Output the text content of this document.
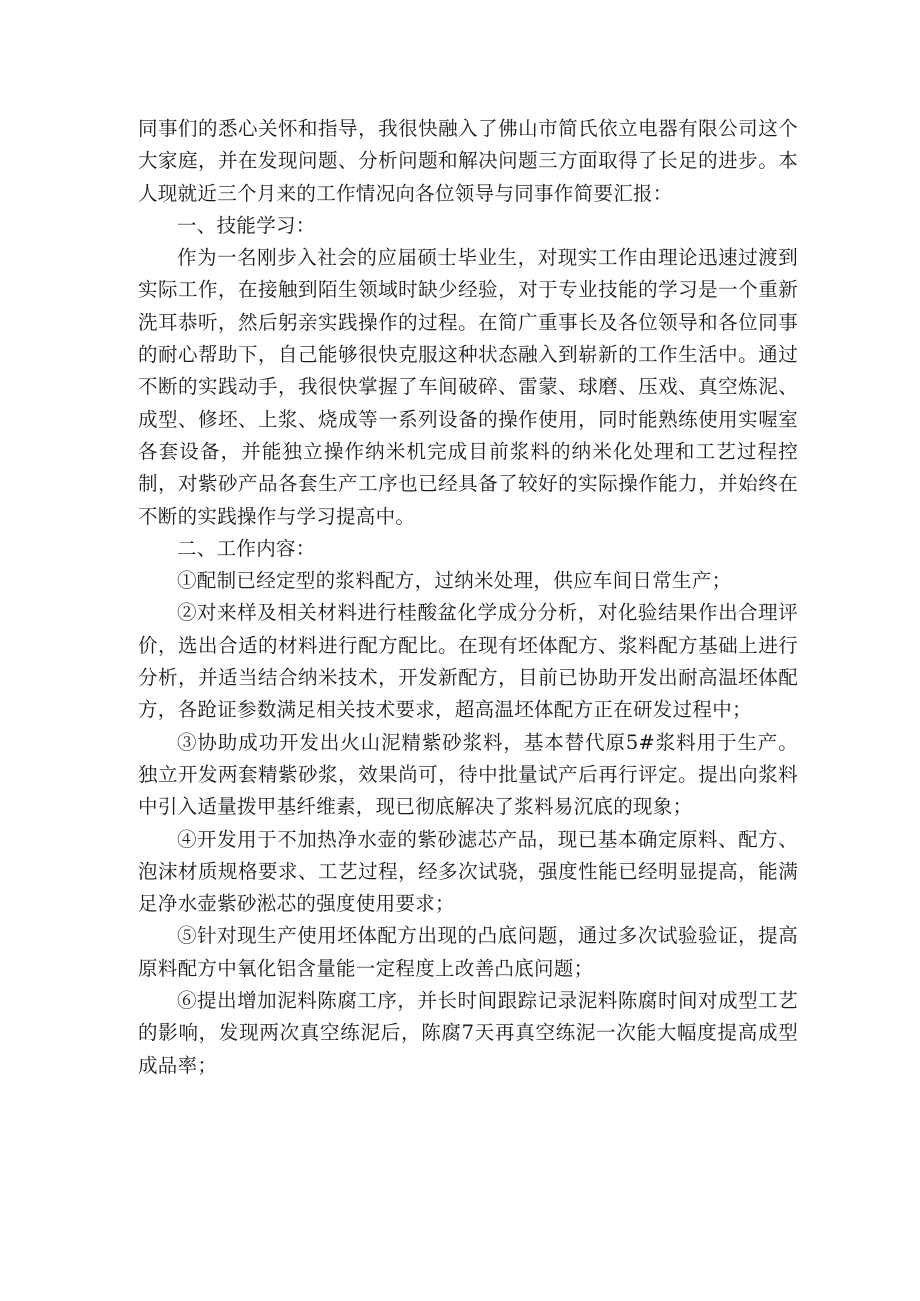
同事们的悉心关怀和指导，我很快融入了佛山市简氏依立电器有限公司这个大家庭，并在发现问题、分析问题和解决问题三方面取得了长足的进步。本人现就近三个月来的工作情况向各位领导与同事作简要汇报：

一、技能学习：

作为一名刚步入社会的应届硕士毕业生，对现实工作由理论迅速过渡到实际工作，在接触到陌生领域时缺少经验，对于专业技能的学习是一个重新洗耳恭听，然后躬亲实践操作的过程。在简广重事长及各位领导和各位同事的耐心帮助下，自己能够很快克服这种状态融入到崭新的工作生活中。通过不断的实践动手，我很快掌握了车间破碎、雷蒙、球磨、压戏、真空炼泥、成型、修坯、上浆、烧成等一系列设备的操作使用，同时能熟练使用实喔室各套设备，并能独立操作纳米机完成目前浆料的纳米化处理和工艺过程控制，对紫砂产品各套生产工序也已经具备了较好的实际操作能力，并始终在不断的实践操作与学习提高中。

二、工作内容：

①配制已经定型的浆料配方，过纳米处理，供应车间日常生产；

②对来样及相关材料进行桂酸盆化学成分分析，对化验结果作出合理评价，选出合适的材料进行配方配比。在现有坯体配方、浆料配方基础上进行分析，并适当结合纳米技术，开发新配方，目前已协助开发出耐高温坯体配方，各跄证参数满足相关技术要求，超高温坯体配方正在研发过程中；

③协助成功开发出火山泥精紫砂浆料，基本替代原5#浆料用于生产。独立开发两套精紫砂浆，效果尚可，待中批量试产后再行评定。提出向浆料中引入适量拨甲基纤维素，现已彻底解决了浆料易沉底的现象；

④开发用于不加热净水壶的紫砂滤芯产品，现已基本确定原料、配方、泡沫材质规格要求、工艺过程，经多次试骁，强度性能已经明显提高，能满足净水壶紫砂淞芯的强度使用要求；

⑤针对现生产使用坯体配方出现的凸底问题，通过多次试验验证，提高原料配方中氧化铝含量能一定程度上改善凸底问题；

⑥提出增加泥料陈腐工序，并长时间跟踪记录泥料陈腐时间对成型工艺的影响，发现两次真空练泥后，陈腐7天再真空练泥一次能大幅度提高成型成品率；
